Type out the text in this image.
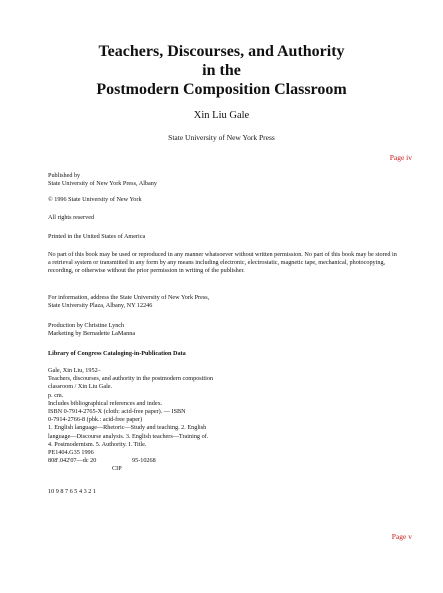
Teachers, Discourses, and Authority
in the
Postmodern Composition Classroom
Xin Liu Gale
State University of New York Press
Page iv
Published by
State University of New York Press, Albany
© 1996 State University of New York
All rights reserved
Printed in the United States of America
No part of this book may be used or reproduced in any manner whatsoever without written permission. No part of this book may be stored in a retrieval system or transmitted in any form by any means including electronic, electrostatic, magnetic tape, mechanical, photocopying, recording, or otherwise without the prior permission in writing of the publisher.
For information, address the State University of New York Press,
State University Plaza, Albany, NY 12246
Production by Christine Lynch
Marketing by Bernadette LaManna
Library of Congress Cataloging-in-Publication Data
Gale, Xin Liu, 1952–
Teachers, discourses, and authority in the postmodern composition
classroom / Xin Liu Gale.
p. cm.
Includes bibliographical references and index.
ISBN 0-7914-2765-X (cloth: acid-free paper). — ISBN
0-7914-2766-8 (pbk.: acid-free paper)
1. English language—Rhetoric—Study and teaching. 2. English
language—Discourse analysis. 3. English teachers—Training of.
4. Postmodernism. 5. Authority. I. Title.
PE1404.G35 1996
808'.042'07—dc 20	95-10268
CIP
10 9 8 7 6 5 4 3 2 1
Page v
